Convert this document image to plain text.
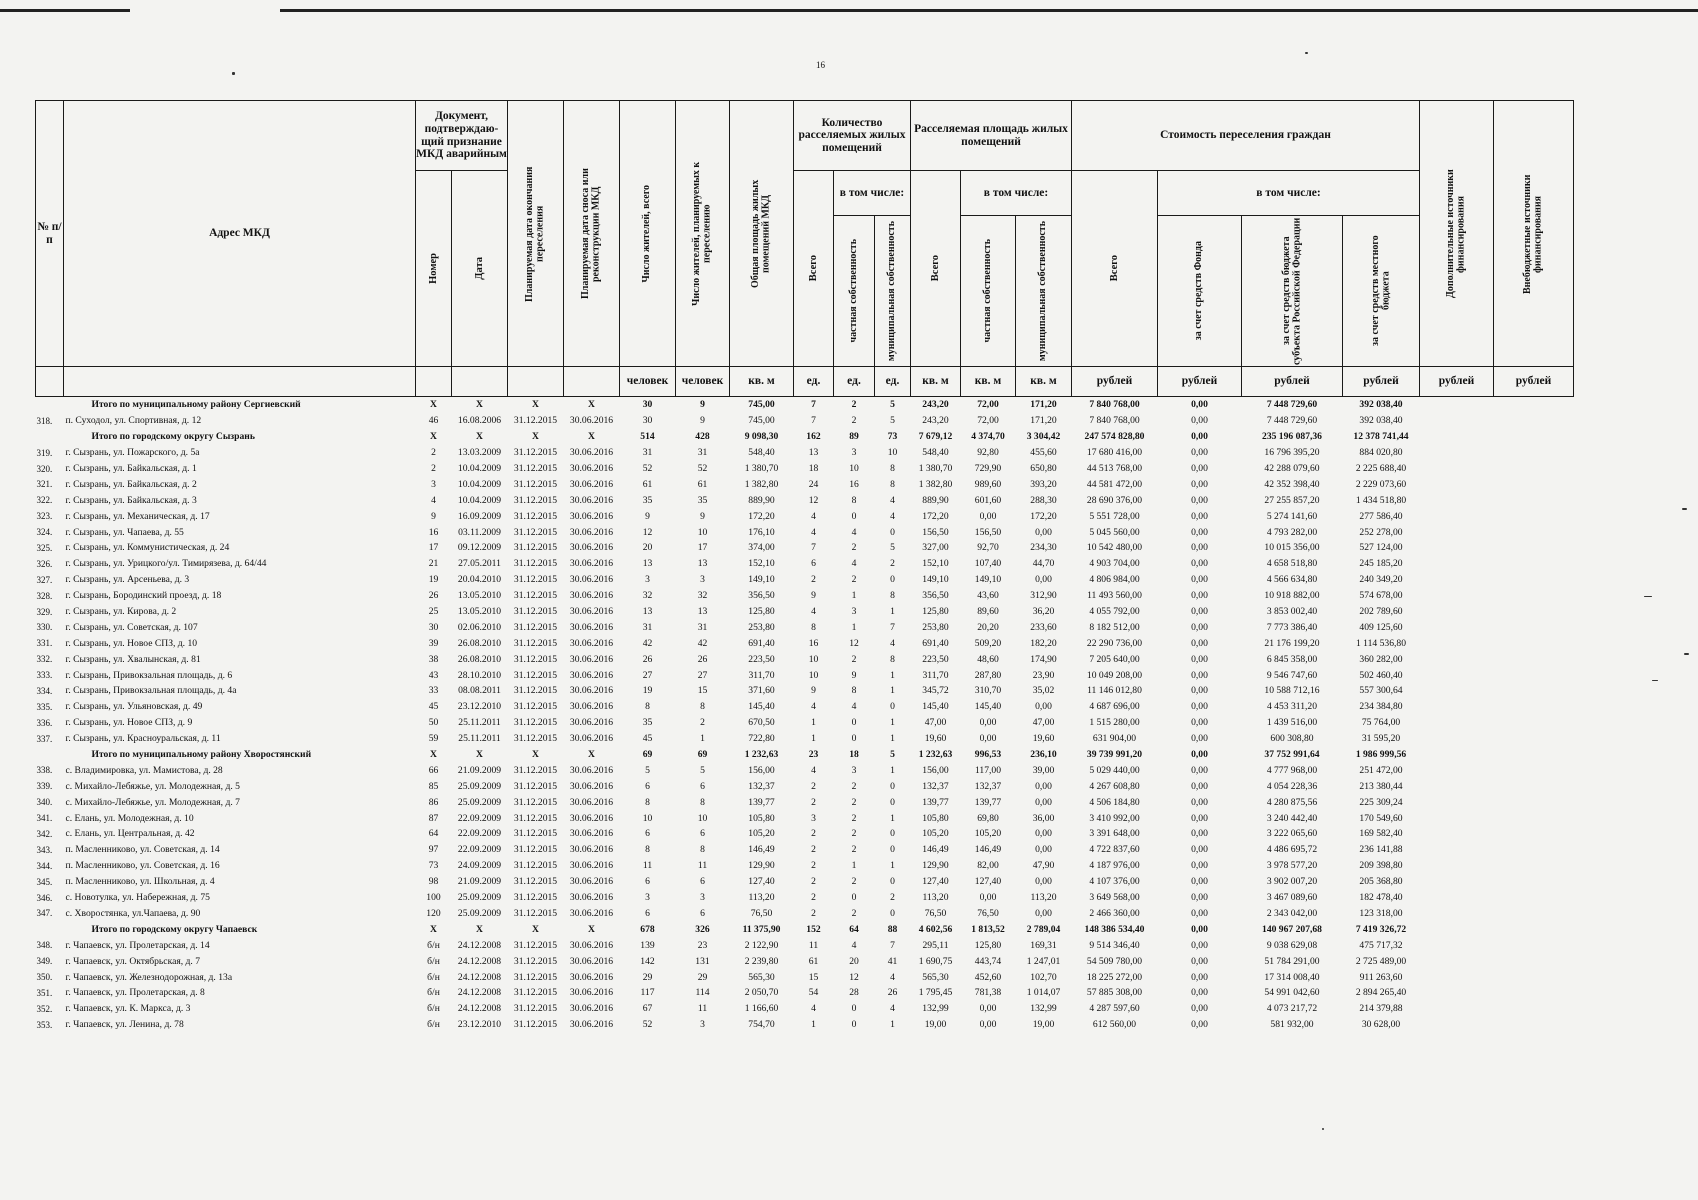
16
№ п/п	Адрес МКД	Документ, подтверждаю-щий признание МКД аварийным		Планируемая дата окончания переселения	Планируемая дата сноса или реконструкции МКД	Число жителей, всего	Число жителей, планируемых к переселению	Общая площадь жилых помещений МКД	Количество расселяемых жилых помещений			Расселяемая площадь жилых помещений			Стоимость переселения граждан				Дополнительные источники финансирования	Внебюджетные источники финансирования

		Номер	Дата						Всего	в том числе:		Всего	в том числе:		Всего	в том числе:				

										частная собственность	муниципальная собственность		частная собственность	муниципальная собственность		за счет средств Фонда	за счет средств бюджета субъекта Российской Федерации	за счет средств местного бюджета		

						человек	человек	кв. м	ед.	ед.	ед.	кв. м	кв. м	кв. м	рублей	рублей	рублей	рублей	рублей	рублей
	Итого по муниципальному району Сергиевский	Х	Х	Х	Х	30	9	745,00	7	2	5	243,20	72,00	171,20	7 840 768,00	0,00	7 448 729,60	392 038,40		
318.	п. Суходол, ул. Спортивная, д. 12	46	16.08.2006	31.12.2015	30.06.2016	30	9	745,00	7	2	5	243,20	72,00	171,20	7 840 768,00	0,00	7 448 729,60	392 038,40		
	Итого по городскому округу Сызрань	Х	Х	Х	Х	514	428	9 098,30	162	89	73	7 679,12	4 374,70	3 304,42	247 574 828,80	0,00	235 196 087,36	12 378 741,44		
319.	г. Сызрань, ул. Пожарского, д. 5а	2	13.03.2009	31.12.2015	30.06.2016	31	31	548,40	13	3	10	548,40	92,80	455,60	17 680 416,00	0,00	16 796 395,20	884 020,80		
320.	г. Сызрань, ул. Байкальская, д. 1	2	10.04.2009	31.12.2015	30.06.2016	52	52	1 380,70	18	10	8	1 380,70	729,90	650,80	44 513 768,00	0,00	42 288 079,60	2 225 688,40		
321.	г. Сызрань, ул. Байкальская, д. 2	3	10.04.2009	31.12.2015	30.06.2016	61	61	1 382,80	24	16	8	1 382,80	989,60	393,20	44 581 472,00	0,00	42 352 398,40	2 229 073,60		
322.	г. Сызрань, ул. Байкальская, д. 3	4	10.04.2009	31.12.2015	30.06.2016	35	35	889,90	12	8	4	889,90	601,60	288,30	28 690 376,00	0,00	27 255 857,20	1 434 518,80		
323.	г. Сызрань, ул. Механическая, д. 17	9	16.09.2009	31.12.2015	30.06.2016	9	9	172,20	4	0	4	172,20	0,00	172,20	5 551 728,00	0,00	5 274 141,60	277 586,40		
324.	г. Сызрань, ул. Чапаева, д. 55	16	03.11.2009	31.12.2015	30.06.2016	12	10	176,10	4	4	0	156,50	156,50	0,00	5 045 560,00	0,00	4 793 282,00	252 278,00		
325.	г. Сызрань, ул. Коммунистическая, д. 24	17	09.12.2009	31.12.2015	30.06.2016	20	17	374,00	7	2	5	327,00	92,70	234,30	10 542 480,00	0,00	10 015 356,00	527 124,00		
326.	г. Сызрань, ул. Урицкого/ул. Тимирязева, д. 64/44	21	27.05.2011	31.12.2015	30.06.2016	13	13	152,10	6	4	2	152,10	107,40	44,70	4 903 704,00	0,00	4 658 518,80	245 185,20		
327.	г. Сызрань, ул. Арсеньева, д. 3	19	20.04.2010	31.12.2015	30.06.2016	3	3	149,10	2	2	0	149,10	149,10	0,00	4 806 984,00	0,00	4 566 634,80	240 349,20		
328.	г. Сызрань, Бородинский проезд, д. 18	26	13.05.2010	31.12.2015	30.06.2016	32	32	356,50	9	1	8	356,50	43,60	312,90	11 493 560,00	0,00	10 918 882,00	574 678,00		
329.	г. Сызрань, ул. Кирова, д. 2	25	13.05.2010	31.12.2015	30.06.2016	13	13	125,80	4	3	1	125,80	89,60	36,20	4 055 792,00	0,00	3 853 002,40	202 789,60		
330.	г. Сызрань, ул. Советская, д. 107	30	02.06.2010	31.12.2015	30.06.2016	31	31	253,80	8	1	7	253,80	20,20	233,60	8 182 512,00	0,00	7 773 386,40	409 125,60		
331.	г. Сызрань, ул. Новое СПЗ, д. 10	39	26.08.2010	31.12.2015	30.06.2016	42	42	691,40	16	12	4	691,40	509,20	182,20	22 290 736,00	0,00	21 176 199,20	1 114 536,80		
332.	г. Сызрань, ул. Хвалынская, д. 81	38	26.08.2010	31.12.2015	30.06.2016	26	26	223,50	10	2	8	223,50	48,60	174,90	7 205 640,00	0,00	6 845 358,00	360 282,00		
333.	г. Сызрань, Привокзальная площадь, д. 6	43	28.10.2010	31.12.2015	30.06.2016	27	27	311,70	10	9	1	311,70	287,80	23,90	10 049 208,00	0,00	9 546 747,60	502 460,40		
334.	г. Сызрань, Привокзальная площадь, д. 4а	33	08.08.2011	31.12.2015	30.06.2016	19	15	371,60	9	8	1	345,72	310,70	35,02	11 146 012,80	0,00	10 588 712,16	557 300,64		
335.	г. Сызрань, ул. Ульяновская, д. 49	45	23.12.2010	31.12.2015	30.06.2016	8	8	145,40	4	4	0	145,40	145,40	0,00	4 687 696,00	0,00	4 453 311,20	234 384,80		
336.	г. Сызрань, ул. Новое СПЗ, д. 9	50	25.11.2011	31.12.2015	30.06.2016	35	2	670,50	1	0	1	47,00	0,00	47,00	1 515 280,00	0,00	1 439 516,00	75 764,00		
337.	г. Сызрань, ул. Красноуральская, д. 11	59	25.11.2011	31.12.2015	30.06.2016	45	1	722,80	1	0	1	19,60	0,00	19,60	631 904,00	0,00	600 308,80	31 595,20		
	Итого по муниципальному району Хворостянский	Х	Х	Х	Х	69	69	1 232,63	23	18	5	1 232,63	996,53	236,10	39 739 991,20	0,00	37 752 991,64	1 986 999,56		
338.	с. Владимировка, ул. Мамистова, д. 28	66	21.09.2009	31.12.2015	30.06.2016	5	5	156,00	4	3	1	156,00	117,00	39,00	5 029 440,00	0,00	4 777 968,00	251 472,00		
339.	с. Михайло-Лебяжье, ул. Молодежная, д. 5	85	25.09.2009	31.12.2015	30.06.2016	6	6	132,37	2	2	0	132,37	132,37	0,00	4 267 608,80	0,00	4 054 228,36	213 380,44		
340.	с. Михайло-Лебяжье, ул. Молодежная, д. 7	86	25.09.2009	31.12.2015	30.06.2016	8	8	139,77	2	2	0	139,77	139,77	0,00	4 506 184,80	0,00	4 280 875,56	225 309,24		
341.	с. Елань, ул. Молодежная, д. 10	87	22.09.2009	31.12.2015	30.06.2016	10	10	105,80	3	2	1	105,80	69,80	36,00	3 410 992,00	0,00	3 240 442,40	170 549,60		
342.	с. Елань, ул. Центральная, д. 42	64	22.09.2009	31.12.2015	30.06.2016	6	6	105,20	2	2	0	105,20	105,20	0,00	3 391 648,00	0,00	3 222 065,60	169 582,40		
343.	п. Масленниково, ул. Советская, д. 14	97	22.09.2009	31.12.2015	30.06.2016	8	8	146,49	2	2	0	146,49	146,49	0,00	4 722 837,60	0,00	4 486 695,72	236 141,88		
344.	п. Масленниково, ул. Советская, д. 16	73	24.09.2009	31.12.2015	30.06.2016	11	11	129,90	2	1	1	129,90	82,00	47,90	4 187 976,00	0,00	3 978 577,20	209 398,80		
345.	п. Масленниково, ул. Школьная, д. 4	98	21.09.2009	31.12.2015	30.06.2016	6	6	127,40	2	2	0	127,40	127,40	0,00	4 107 376,00	0,00	3 902 007,20	205 368,80		
346.	с. Новотулка, ул. Набережная, д. 75	100	25.09.2009	31.12.2015	30.06.2016	3	3	113,20	2	0	2	113,20	0,00	113,20	3 649 568,00	0,00	3 467 089,60	182 478,40		
347.	с. Хворостянка, ул.Чапаева, д. 90	120	25.09.2009	31.12.2015	30.06.2016	6	6	76,50	2	2	0	76,50	76,50	0,00	2 466 360,00	0,00	2 343 042,00	123 318,00		
	Итого по городскому округу Чапаевск	Х	Х	Х	Х	678	326	11 375,90	152	64	88	4 602,56	1 813,52	2 789,04	148 386 534,40	0,00	140 967 207,68	7 419 326,72		
348.	г. Чапаевск, ул. Пролетарская, д. 14	б/н	24.12.2008	31.12.2015	30.06.2016	139	23	2 122,90	11	4	7	295,11	125,80	169,31	9 514 346,40	0,00	9 038 629,08	475 717,32		
349.	г. Чапаевск, ул. Октябрьская, д. 7	б/н	24.12.2008	31.12.2015	30.06.2016	142	131	2 239,80	61	20	41	1 690,75	443,74	1 247,01	54 509 780,00	0,00	51 784 291,00	2 725 489,00		
350.	г. Чапаевск, ул. Железнодорожная, д. 13а	б/н	24.12.2008	31.12.2015	30.06.2016	29	29	565,30	15	12	4	565,30	452,60	102,70	18 225 272,00	0,00	17 314 008,40	911 263,60		
351.	г. Чапаевск, ул. Пролетарская, д. 8	б/н	24.12.2008	31.12.2015	30.06.2016	117	114	2 050,70	54	28	26	1 795,45	781,38	1 014,07	57 885 308,00	0,00	54 991 042,60	2 894 265,40		
352.	г. Чапаевск, ул. К. Маркса, д. 3	б/н	24.12.2008	31.12.2015	30.06.2016	67	11	1 166,60	4	0	4	132,99	0,00	132,99	4 287 597,60	0,00	4 073 217,72	214 379,88		
353.	г. Чапаевск, ул. Ленина, д. 78	б/н	23.12.2010	31.12.2015	30.06.2016	52	3	754,70	1	0	1	19,00	0,00	19,00	612 560,00	0,00	581 932,00	30 628,00		
